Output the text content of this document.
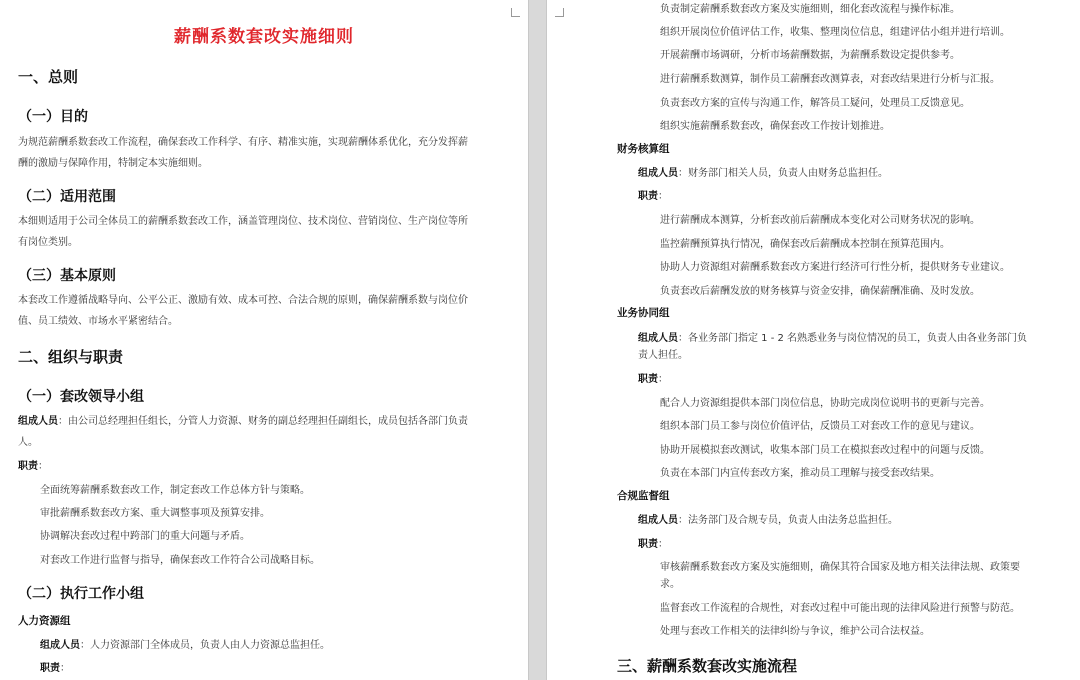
薪酬系数套改实施细则
一、总则
（一）目的
为规范薪酬系数套改工作流程，确保套改工作科学、有序、精准实施，实现薪酬体系优化，充分发挥薪酬的激励与保障作用，特制定本实施细则。
（二）适用范围
本细则适用于公司全体员工的薪酬系数套改工作，涵盖管理岗位、技术岗位、营销岗位、生产岗位等所有岗位类别。
（三）基本原则
本套改工作遵循战略导向、公平公正、激励有效、成本可控、合法合规的原则，确保薪酬系数与岗位价值、员工绩效、市场水平紧密结合。
二、组织与职责
（一）套改领导小组
组成人员：由公司总经理担任组长，分管人力资源、财务的副总经理担任副组长，成员包括各部门负责人。
职责：
全面统筹薪酬系数套改工作，制定套改工作总体方针与策略。
审批薪酬系数套改方案、重大调整事项及预算安排。
协调解决套改过程中跨部门的重大问题与矛盾。
对套改工作进行监督与指导，确保套改工作符合公司战略目标。
（二）执行工作小组
人力资源组
组成人员：人力资源部门全体成员，负责人由人力资源总监担任。
职责：
负责制定薪酬系数套改方案及实施细则，细化套改流程与操作标准。
组织开展岗位价值评估工作，收集、整理岗位信息，组建评估小组并进行培训。
开展薪酬市场调研，分析市场薪酬数据，为薪酬系数设定提供参考。
进行薪酬系数测算，制作员工薪酬套改测算表，对套改结果进行分析与汇报。
负责套改方案的宣传与沟通工作，解答员工疑问，处理员工反馈意见。
组织实施薪酬系数套改，确保套改工作按计划推进。
财务核算组
组成人员：财务部门相关人员，负责人由财务总监担任。
职责：
进行薪酬成本测算，分析套改前后薪酬成本变化对公司财务状况的影响。
监控薪酬预算执行情况，确保套改后薪酬成本控制在预算范围内。
协助人力资源组对薪酬系数套改方案进行经济可行性分析，提供财务专业建议。
负责套改后薪酬发放的财务核算与资金安排，确保薪酬准确、及时发放。
业务协同组
组成人员：各业务部门指定 1 - 2 名熟悉业务与岗位情况的员工，负责人由各业务部门负
责人担任。
职责：
配合人力资源组提供本部门岗位信息，协助完成岗位说明书的更新与完善。
组织本部门员工参与岗位价值评估，反馈员工对套改工作的意见与建议。
协助开展模拟套改测试，收集本部门员工在模拟套改过程中的问题与反馈。
负责在本部门内宣传套改方案，推动员工理解与接受套改结果。
合规监督组
组成人员：法务部门及合规专员，负责人由法务总监担任。
职责：
审核薪酬系数套改方案及实施细则，确保其符合国家及地方相关法律法规、政策要
求。
监督套改工作流程的合规性，对套改过程中可能出现的法律风险进行预警与防范。
处理与套改工作相关的法律纠纷与争议，维护公司合法权益。
三、薪酬系数套改实施流程
